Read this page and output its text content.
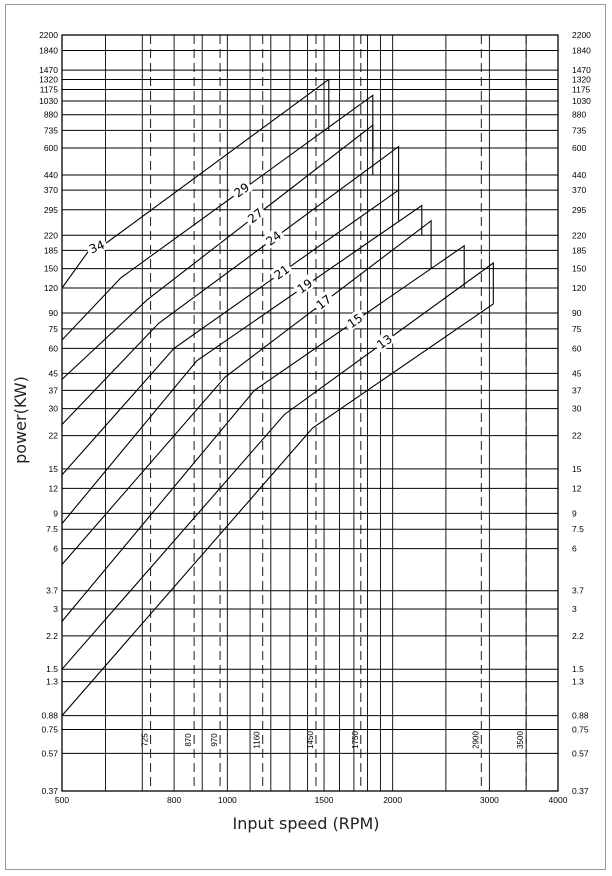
0.37	0.37
0.57	0.57
0.75	0.75
0.88	0.88
1.3	1.3
1.5	1.5
2.2	2.2
3	3
3.7	3.7
6	6
7.5	7.5
9	9
12	12
15	15
22	22
30	30
37	37
45	45
60	60
75	75
90	90
120	120
150	150
185	185
220	220
295	295
370	370
440	440
600	600
735	735
880	880
1030	1030
1175	1175
1320	1320
1470	1470
1840	1840
2200	2200
725	870 970	1160	1450	1750	2900	3500
500	800	1000	1500	2000	3000	4000
34
29
27
24
21
19
17
15
13
Input speed (RPM)
power(KW)
